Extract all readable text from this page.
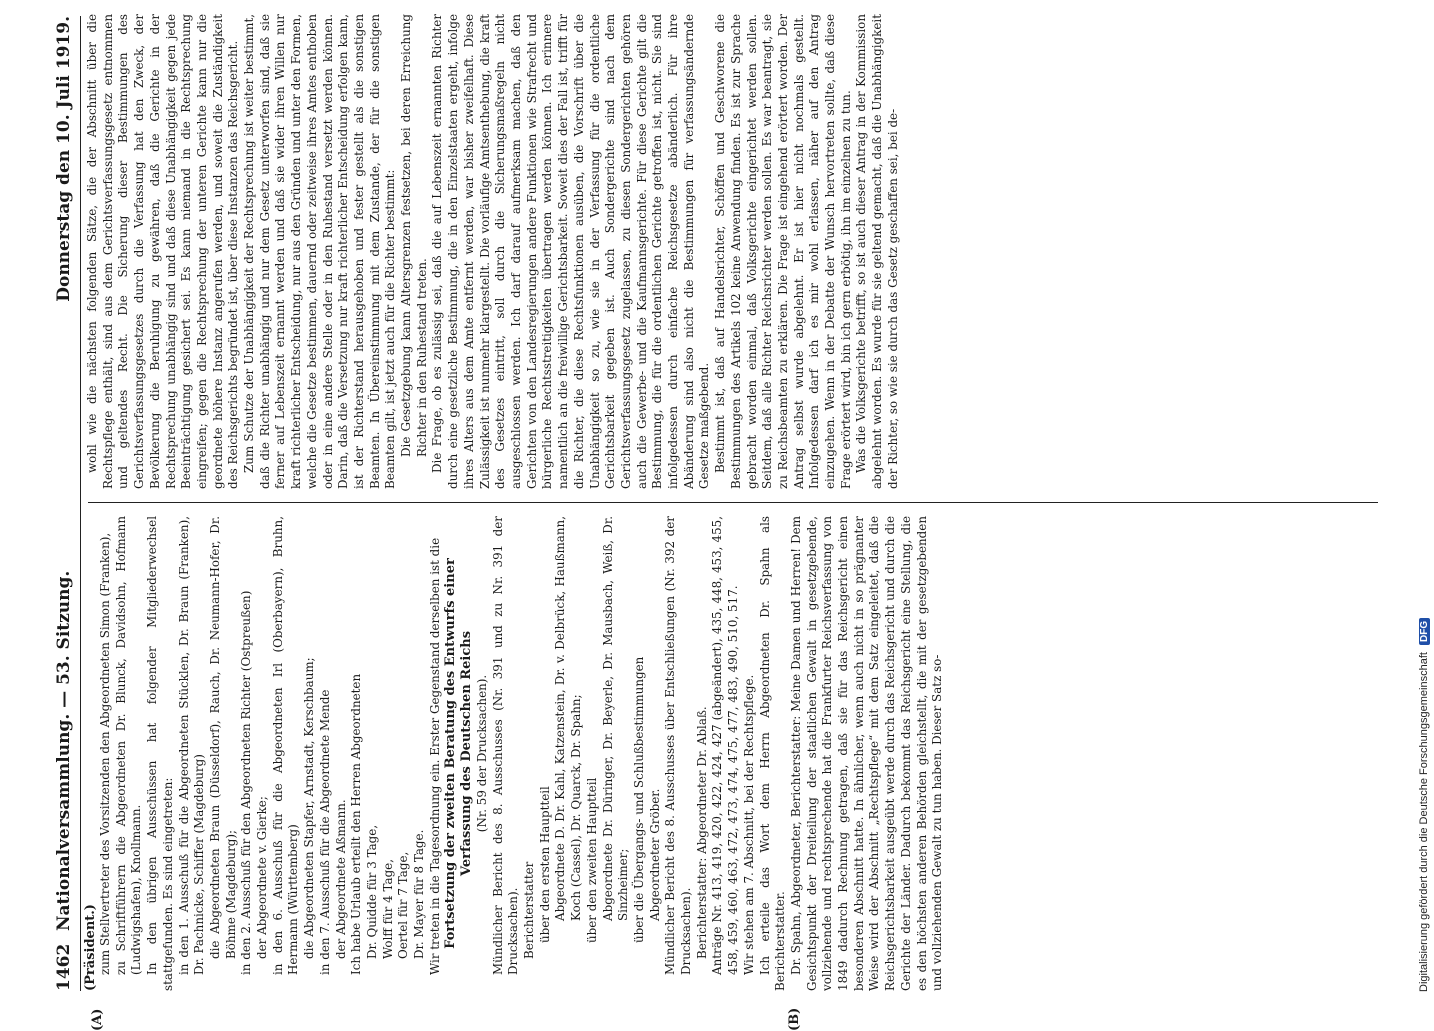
1462
Nationalversammlung. — 53. Sitzung.
Donnerstag den 10. Juli 1919.
(Präsident.)
(A)	(B)

zum Stellvertreter des Vorsitzenden den Abgeordneten Simon (Franken), zu Schriftführern die Abgeordneten Dr. Blunck, Davidsohn, Hofmann (Ludwigshafen), Knollmann. In den übrigen Ausschüssen hat folgender Mitgliederwechsel stattgefunden. Es sind eingetreten: in den 1. Ausschuß für die Abgeordneten Stücklen, Dr. Braun (Franken), Dr. Pachnicke, Schiffer (Magdeburg) die Abgeordneten Braun (Düsseldorf), Rauch, Dr. Neumann-Hofer, Dr. Böhme (Magdeburg); in den 2. Ausschuß für den Abgeordneten Richter (Ostpreußen) der Abgeordnete v. Gierke; in den 6. Ausschuß für die Abgeordneten Irl (Oberbayern), Bruhn, Hermann (Württemberg) die Abgeordneten Stapfer, Arnstadt, Kerschbaum; in den 7. Ausschuß für die Abgeordnete Mende der Abgeordnete Aßmann. Ich habe Urlaub erteilt den Herren Abgeordneten Dr. Quidde für 3 Tage, Wolff für 4 Tage, Oertel für 7 Tage, Dr. Mayer für 8 Tage. Wir treten in die Tagesordnung ein. Erster Gegenstand derselben ist die Fortsetzung der zweiten Beratung des Entwurfs einer Verfassung des Deutschen Reichs (Nr. 59 der Drucksachen). Mündlicher Bericht des 8. Ausschusses (Nr. 391 und zu Nr. 391 der Drucksachen). Berichterstatter über den ersten Hauptteil Abgeordnete D. Dr. Kahl, Katzenstein, Dr. v. Delbrück, Haußmann, Koch (Cassel), Dr. Quarck, Dr. Spahn; über den zweiten Hauptteil Abgeordnete Dr. Düringer, Dr. Beyerle, Dr. Mausbach, Weiß, Dr. Sinzheimer; über die Übergangs- und Schlußbestimmungen Abgeordneter Gröber. Mündlicher Bericht des 8. Ausschusses über Entschließungen (Nr. 392 der Drucksachen). Berichterstatter: Abgeordneter Dr. Ablaß. Anträge Nr. 413, 419, 420, 422, 424, 427 (abgeändert), 435, 448, 453, 455, 458, 459, 460, 463, 472, 473, 474, 475, 477, 483, 490, 510, 517. Wir stehen am 7. Abschnitt, bei der Rechtspflege. Ich erteile das Wort dem Herrn Abgeordneten Dr. Spahn als Berichterstatter. Dr. Spahn, Abgeordneter, Berichterstatter: Meine Damen und Herren! Dem Gesichtspunkt der Dreiteilung der staatlichen Gewalt in gesetzgebende, vollziehende und rechtsprechende hat die Frankfurter Reichsverfassung von 1849 dadurch Rechnung getragen, daß sie für das Reichsgericht einen besonderen Abschnitt hatte. In ähnlicher, wenn auch nicht in so prägnanter Weise wird der Abschnitt „Rechtspflege“ mit dem Satz eingeleitet, daß die Reichsgerichtsbarkeit ausgeübt werde durch das Reichsgericht und durch die Gerichte der Länder. Dadurch bekommt das Reichsgericht eine Stellung, die es den höchsten anderen Behörden gleichstellt, die mit der gesetzgebenden und vollziehenden Gewalt zu tun haben. Dieser Satz so-

wohl wie die nächsten folgenden Sätze, die der Abschnitt über die Rechtspflege enthält, sind aus dem Gerichtsverfassungsgesetz entnommen und geltendes Recht. Die Sicherung dieser Bestimmungen des Gerichtsverfassungsgesetzes durch die Verfassung hat den Zweck, der Bevölkerung die Beruhigung zu gewähren, daß die Gerichte in der Rechtsprechung unabhängig sind und daß diese Unabhängigkeit gegen jede Beeinträchtigung gesichert sei. Es kann niemand in die Rechtsprechung eingreifen; gegen die Rechtsprechung der unteren Gerichte kann nur die geordnete höhere Instanz angerufen werden, und soweit die Zuständigkeit des Reichsgerichts begründet ist, über diese Instanzen das Reichsgericht. Zum Schutze der Unabhängigkeit der Rechtsprechung ist weiter bestimmt, daß die Richter unabhängig und nur dem Gesetz unterworfen sind, daß sie ferner auf Lebenszeit ernannt werden und daß sie wider ihren Willen nur kraft richterlicher Entscheidung, nur aus den Gründen und unter den Formen, welche die Gesetze bestimmen, dauernd oder zeitweise ihres Amtes enthoben oder in eine andere Stelle oder in den Ruhestand versetzt werden können. Darin, daß die Versetzung nur kraft richterlicher Entscheidung erfolgen kann, ist der Richterstand herausgehoben und fester gestellt als die sonstigen Beamten. In Übereinstimmung mit dem Zustande, der für die sonstigen Beamten gilt, ist jetzt auch für die Richter bestimmt: Die Gesetzgebung kann Altersgrenzen festsetzen, bei deren Erreichung Richter in den Ruhestand treten. Die Frage, ob es zulässig sei, daß die auf Lebenszeit ernannten Richter durch eine gesetzliche Bestimmung, die in den Einzelstaaten ergeht, infolge ihres Alters aus dem Amte entfernt werden, war bisher zweifelhaft. Diese Zulässigkeit ist nunmehr klargestellt. Die vorläufige Amtsenthebung, die kraft des Gesetzes eintritt, soll durch die Sicherungsmaßregeln nicht ausgeschlossen werden. Ich darf darauf aufmerksam machen, daß den Gerichten von den Landesregierungen andere Funktionen wie Strafrecht und bürgerliche Rechtsstreitigkeiten übertragen werden können. Ich erinnere namentlich an die freiwillige Gerichtsbarkeit. Soweit dies der Fall ist, trifft für die Richter, die diese Rechtsfunktionen ausüben, die Vorschrift über die Unabhängigkeit so zu, wie sie in der Verfassung für die ordentliche Gerichtsbarkeit gegeben ist. Auch Sondergerichte sind nach dem Gerichtsverfassungsgesetz zugelassen, zu diesen Sondergerichten gehören auch die Gewerbe- und die Kaufmannsgerichte. Für diese Gerichte gilt die Bestimmung, die für die ordentlichen Gerichte getroffen ist, nicht. Sie sind infolgedessen durch einfache Reichsgesetze abänderlich. Für ihre Abänderung sind also nicht die Bestimmungen für verfassungsändernde Gesetze maßgebend. Bestimmt ist, daß auf Handelsrichter, Schöffen und Geschworene die Bestimmungen des Artikels 102 keine Anwendung finden. Es ist zur Sprache gebracht worden einmal, daß Volksgerichte eingerichtet werden sollen. Seitdem, daß alle Richter Reichsrichter werden sollen. Es war beantragt, sie zu Reichsbeamten zu erklären. Die Frage ist eingehend erörtert worden. Der Antrag selbst wurde abgelehnt. Er ist hier nicht nochmals gestellt. Infolgedessen darf ich es mir wohl erlassen, näher auf den Antrag einzugehen. Wenn in der Debatte der Wunsch hervortreten sollte, daß diese Frage erörtert wird, bin ich gern erbötig, ihn im einzelnen zu tun. Was die Volksgerichte betrifft, so ist auch dieser Antrag in der Kommission abgelehnt worden. Es wurde für sie geltend gemacht, daß die Unabhängigkeit der Richter, so wie sie durch das Gesetz geschaffen sei, bei de-

Digitalisierung gefördert durch die Deutsche Forschungsgemeinschaft DFG
